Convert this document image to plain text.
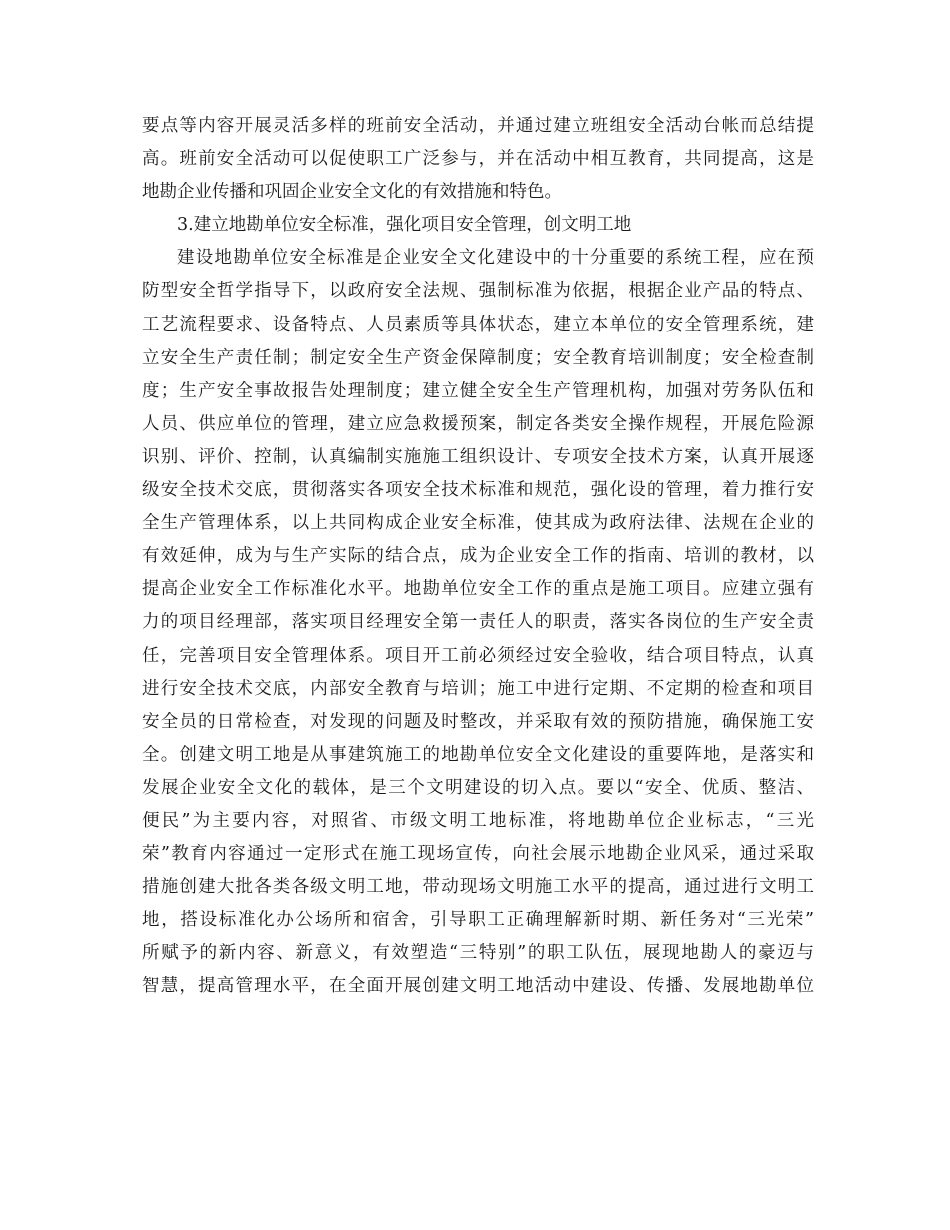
要点等内容开展灵活多样的班前安全活动，并通过建立班组安全活动台帐而总结提
高。班前安全活动可以促使职工广泛参与，并在活动中相互教育，共同提高，这是
地勘企业传播和巩固企业安全文化的有效措施和特色。
3.建立地勘单位安全标准，强化项目安全管理，创文明工地
建设地勘单位安全标准是企业安全文化建设中的十分重要的系统工程，应在预
防型安全哲学指导下，以政府安全法规、强制标准为依据，根据企业产品的特点、
工艺流程要求、设备特点、人员素质等具体状态，建立本单位的安全管理系统，建
立安全生产责任制；制定安全生产资金保障制度；安全教育培训制度；安全检查制
度；生产安全事故报告处理制度；建立健全安全生产管理机构，加强对劳务队伍和
人员、供应单位的管理，建立应急救援预案，制定各类安全操作规程，开展危险源
识别、评价、控制，认真编制实施施工组织设计、专项安全技术方案，认真开展逐
级安全技术交底，贯彻落实各项安全技术标准和规范，强化设的管理，着力推行安
全生产管理体系，以上共同构成企业安全标准，使其成为政府法律、法规在企业的
有效延伸，成为与生产实际的结合点，成为企业安全工作的指南、培训的教材，以
提高企业安全工作标准化水平。地勘单位安全工作的重点是施工项目。应建立强有
力的项目经理部，落实项目经理安全第一责任人的职责，落实各岗位的生产安全责
任，完善项目安全管理体系。项目开工前必须经过安全验收，结合项目特点，认真
进行安全技术交底，内部安全教育与培训；施工中进行定期、不定期的检查和项目
安全员的日常检查，对发现的问题及时整改，并采取有效的预防措施，确保施工安
全。创建文明工地是从事建筑施工的地勘单位安全文化建设的重要阵地，是落实和
发展企业安全文化的载体，是三个文明建设的切入点。要以“安全、优质、整洁、
便民”为主要内容，对照省、市级文明工地标准，将地勘单位企业标志，“三光
荣”教育内容通过一定形式在施工现场宣传，向社会展示地勘企业风采，通过采取
措施创建大批各类各级文明工地，带动现场文明施工水平的提高，通过进行文明工
地，搭设标准化办公场所和宿舍，引导职工正确理解新时期、新任务对“三光荣”
所赋予的新内容、新意义，有效塑造“三特别”的职工队伍，展现地勘人的豪迈与
智慧，提高管理水平，在全面开展创建文明工地活动中建设、传播、发展地勘单位
